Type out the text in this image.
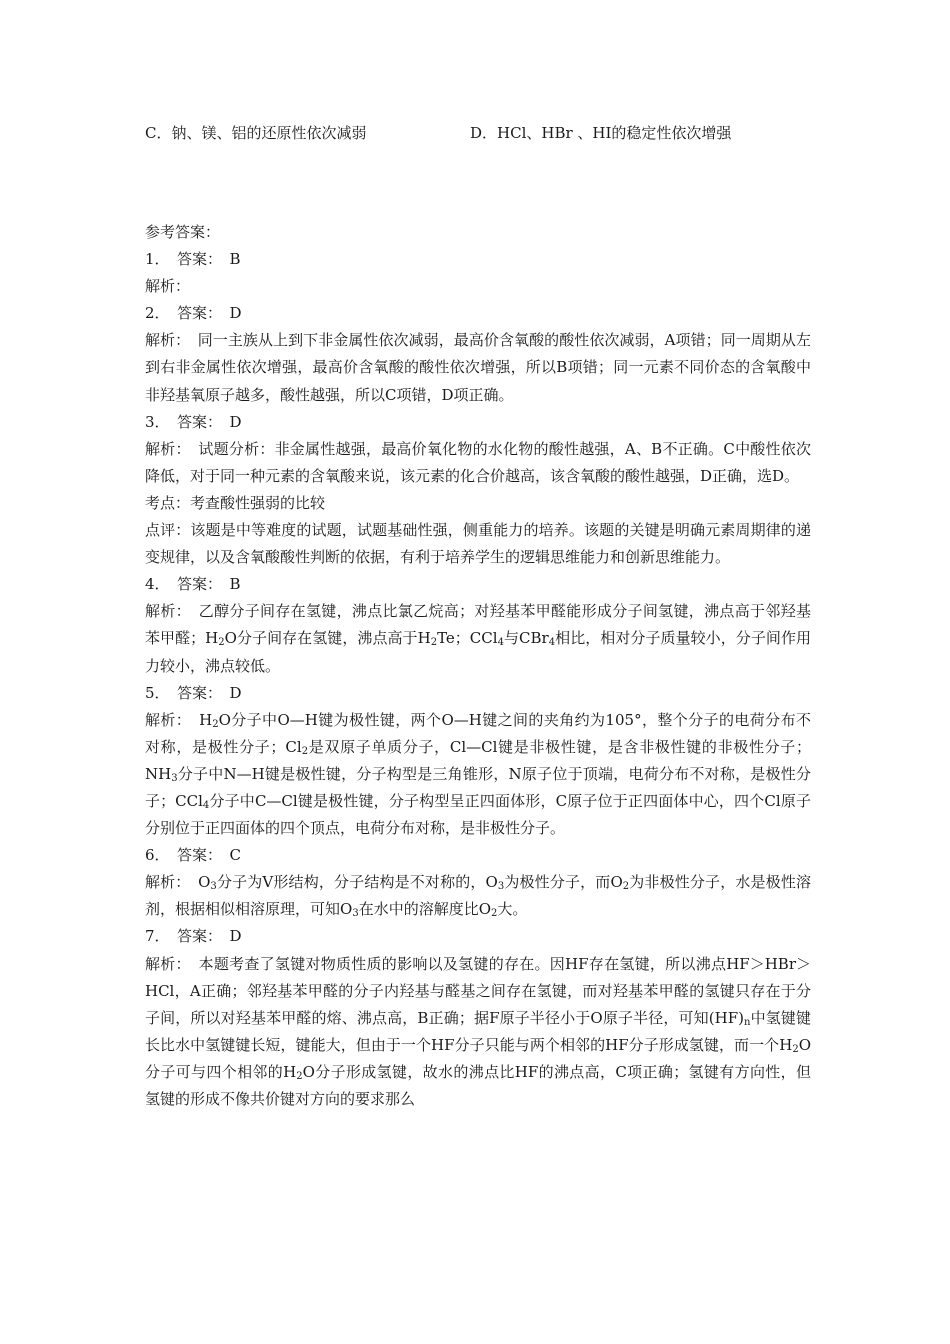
C．钠、镁、铝的还原性依次减弱	D．HCl、HBr 、HI的稳定性依次增强

参考答案：

1．　答案：　B

解析：

2．　答案：　D

解析：　同一主族从上到下非金属性依次减弱，最高价含氧酸的酸性依次减弱，A项错；同一周期从左到右非金属性依次增强，最高价含氧酸的酸性依次增强，所以B项错；同一元素不同价态的含氧酸中非羟基氧原子越多，酸性越强，所以C项错，D项正确。

3．　答案：　D

解析：　试题分析：非金属性越强，最高价氧化物的水化物的酸性越强，A、B不正确。C中酸性依次降低，对于同一种元素的含氧酸来说，该元素的化合价越高，该含氧酸的酸性越强，D正确，选D。

考点：考查酸性强弱的比较

点评：该题是中等难度的试题，试题基础性强，侧重能力的培养。该题的关键是明确元素周期律的递变规律，以及含氧酸酸性判断的依据，有利于培养学生的逻辑思维能力和创新思维能力。

4．　答案：　B

解析：　乙醇分子间存在氢键，沸点比氯乙烷高；对羟基苯甲醛能形成分子间氢键，沸点高于邻羟基苯甲醛；$H_2O$分子间存在氢键，沸点高于$H_2Te$；CCl$_4$与CBr$_4$相比，相对分子质量较小，分子间作用力较小，沸点较低。

5．　答案：　D

解析：　$H_2O$分子中O—H键为极性键，两个O—H键之间的夹角约为105°，整个分子的电荷分布不对称，是极性分子；$Cl_2$是双原子单质分子，Cl—Cl键是非极性键，是含非极性键的非极性分子；$NH_3$分子中N—H键是极性键，分子构型是三角锥形，N原子位于顶端，电荷分布不对称，是极性分子；CCl$_4$分子中C—Cl键是极性键，分子构型呈正四面体形，C原子位于正四面体中心，四个Cl原子分别位于正四面体的四个顶点，电荷分布对称，是非极性分子。

6．　答案：　C

解析：　$O_3$分子为V形结构，分子结构是不对称的，$O_3$为极性分子，而$O_2$为非极性分子，水是极性溶剂，根据相似相溶原理，可知$O_3$在水中的溶解度比$O_2$大。

7．　答案：　D

解析：　本题考查了氢键对物质性质的影响以及氢键的存在。因HF存在氢键，所以沸点HF＞HBr＞HCl，A正确；邻羟基苯甲醛的分子内羟基与醛基之间存在氢键，而对羟基苯甲醛的氢键只存在于分子间，所以对羟基苯甲醛的熔、沸点高，B正确；据F原子半径小于O原子半径，可知$(HF)_n$中氢键键长比水中氢键键长短，键能大，但由于一个HF分子只能与两个相邻的HF分子形成氢键，而一个$H_2O$分子可与四个相邻的$H_2O$分子形成氢键，故水的沸点比HF的沸点高，C项正确；氢键有方向性，但氢键的形成不像共价键对方向的要求那么
